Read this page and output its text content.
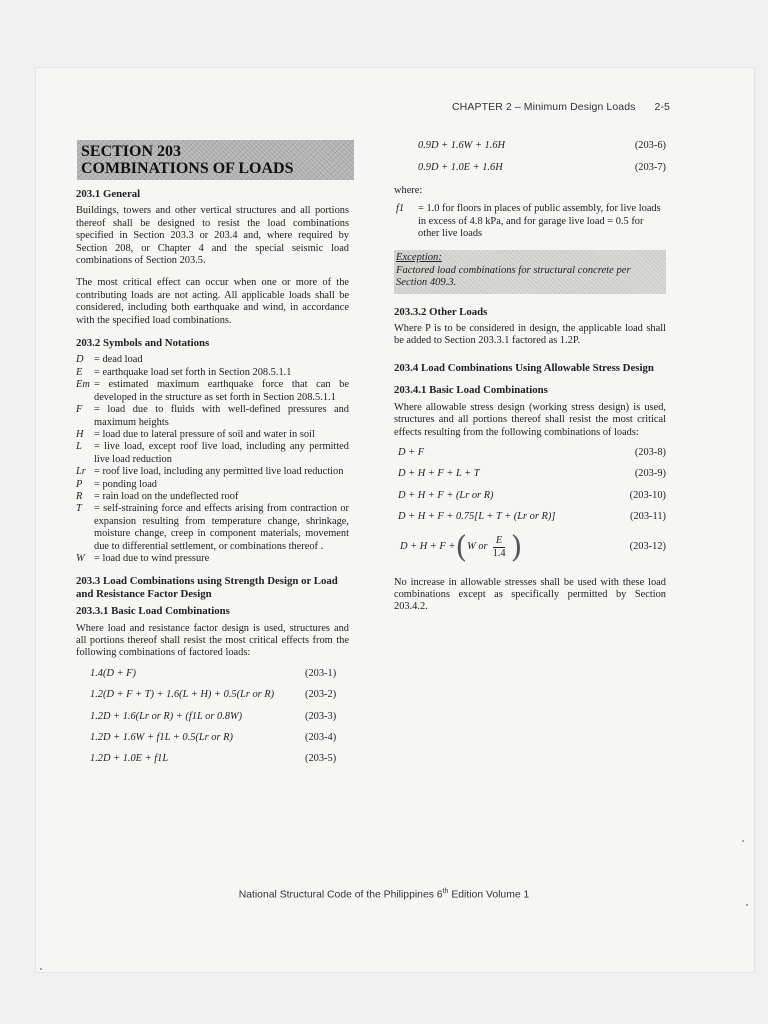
CHAPTER 2 – Minimum Design Loads 2-5
SECTION 203
COMBINATIONS OF LOADS
203.1 General

Buildings, towers and other vertical structures and all portions thereof shall be designed to resist the load combinations specified in Section 203.3 or 203.4 and, where required by Section 208, or Chapter 4 and the special seismic load combinations of Section 203.5.

The most critical effect can occur when one or more of the contributing loads are not acting. All applicable loads shall be considered, including both earthquake and wind, in accordance with the specified load combinations.

203.2 Symbols and Notations
D	= dead load
E	= earthquake load set forth in Section 208.5.1.1
Em = estimated maximum earthquake force that can be developed in the structure as set forth in Section 208.5.1.1
F	= load due to fluids with well-defined pressures and maximum heights
H	= load due to lateral pressure of soil and water in soil
L	= live load, except roof live load, including any permitted live load reduction
Lr = roof live load, including any permitted live load reduction
P	= ponding load
R	= rain load on the undeflected roof
T	= self-straining force and effects arising from contraction or expansion resulting from temperature change, shrinkage, moisture change, creep in component materials, movement due to differential settlement, or combinations thereof .
W = load due to wind pressure
203.3 Load Combinations using Strength Design or Load and Resistance Factor Design
203.3.1 Basic Load Combinations

Where load and resistance factor design is used, structures and all portions thereof shall resist the most critical effects from the following combinations of factored loads:

1.4(D + F)	(203-1)
1.2(D + F + T) + 1.6(L + H) + 0.5(Lr or R)	(203-2)
1.2D + 1.6(Lr or R) + (f1L or 0.8W)	(203-3)
1.2D + 1.6W + f1L + 0.5(Lr or R)	(203-4)
1.2D + 1.0E + f1L	(203-5)
0.9D + 1.6W + 1.6H	(203-6)
0.9D + 1.0E + 1.6H	(203-7)
where:
f1	= 1.0 for floors in places of public assembly, for live loads in excess of 4.8 kPa, and for garage live load = 0.5 for other live loads
Exception:
Factored load combinations for structural concrete per Section 409.3.
203.3.2 Other Loads

Where P is to be considered in design, the applicable load shall be added to Section 203.3.1 factored as 1.2P.

203.4 Load Combinations Using Allowable Stress Design
203.4.1 Basic Load Combinations

Where allowable stress design (working stress design) is used, structures and all portions thereof shall resist the most critical effects resulting from the following combinations of loads:

D + F	(203-8)
D + H + F + L + T	(203-9)
D + H + F + (Lr or R)	(203-10)
D + H + F + 0.75[L + T + (Lr or R)]	(203-11)
D + H + F + ( W or $\frac{E}{1.4}$ )	(203-12)

No increase in allowable stresses shall be used with these load combinations except as specifically permitted by Section 203.4.2.

National Structural Code of the Philippines 6th Edition Volume 1
